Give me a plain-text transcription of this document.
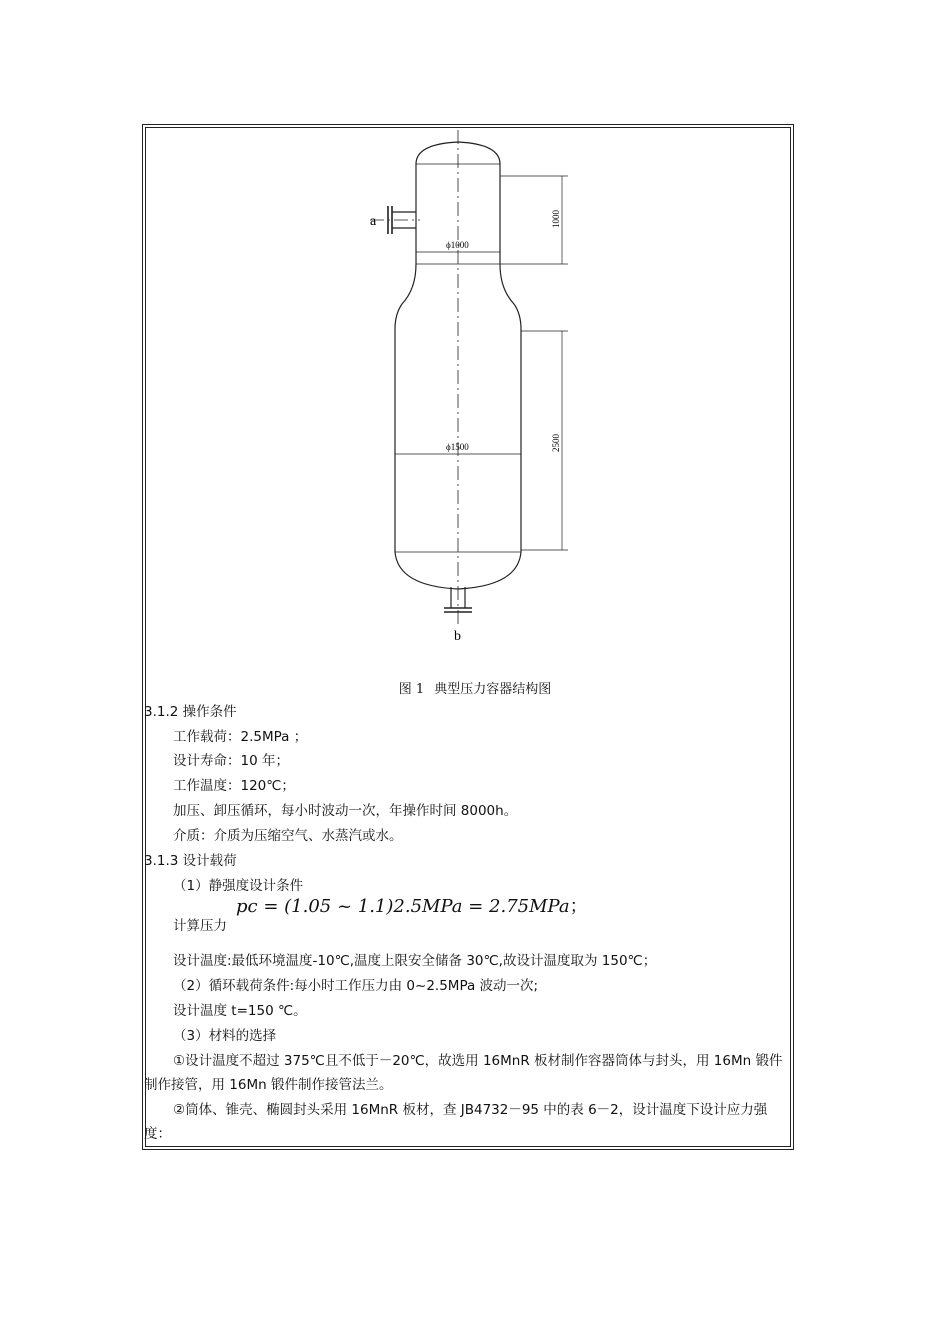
a
b
ϕ1000
ϕ1500
1000
2500
图 1 典型压力容器结构图
3.1.2 操作条件
工作载荷：2.5MPa ；
设计寿命：10 年；
工作温度：120℃；
加压、卸压循环，每小时波动一次，年操作时间 8000h。
介质：介质为压缩空气、水蒸汽或水。
3.1.3 设计载荷
（1）静强度设计条件
计算压力
pc = (1.05 ~ 1.1)2.5MPa = 2.75MPa；
设计温度:最低环境温度-10℃,温度上限安全储备 30℃,故设计温度取为 150℃；
（2）循环载荷条件:每小时工作压力由 0~2.5MPa 波动一次;
设计温度 t=150 ℃。
（3）材料的选择
①设计温度不超过 375℃且不低于－20℃，故选用 16MnR 板材制作容器筒体与封头，用 16Mn 锻件制作接管，用 16Mn 锻件制作接管法兰。
②筒体、锥壳、椭圆封头采用 16MnR 板材，查 JB4732－95 中的表 6－2，设计温度下设计应力强度：
